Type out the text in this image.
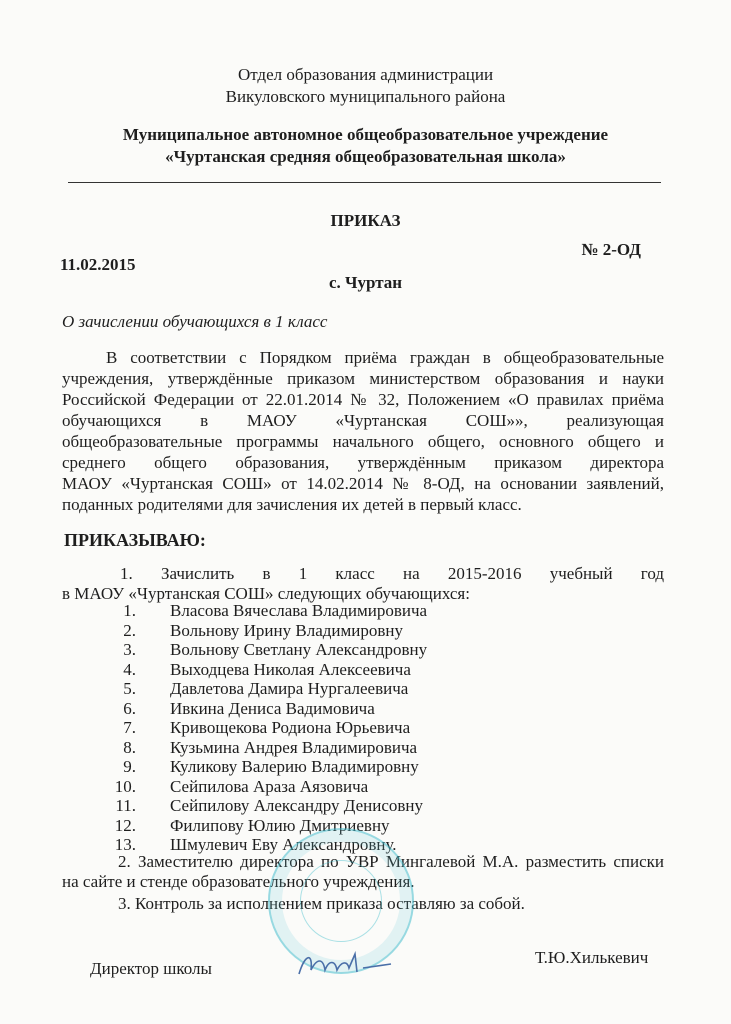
Отдел образования администрации
Викуловского муниципального района
Муниципальное автономное общеобразовательное учреждение
«Чуртанская средняя общеобразовательная школа»
ПРИКАЗ
№ 2-ОД
11.02.2015
с. Чуртан
О зачислении обучающихся в 1 класс
В соответствии с Порядком приёма граждан в общеобразовательные
учреждения, утверждённые приказом министерством образования и науки
Российской Федерации от 22.01.2014 № 32, Положением «О правилах приёма
обучающихся в МАОУ «Чуртанская СОШ»», реализующая
общеобразовательные программы начального общего, основного общего и
среднего общего образования, утверждённым приказом директора
МАОУ «Чуртанская СОШ» от 14.02.2014 № 8-ОД, на основании заявлений,
поданных родителями для зачисления их детей в первый класс.
ПРИКАЗЫВАЮ:
1. Зачислить в 1 класс на 2015-2016 учебный год
в МАОУ «Чуртанская СОШ» следующих обучающихся:
1. Власова Вячеслава Владимировича
2. Вольнову Ирину Владимировну
3. Вольнову Светлану Александровну
4. Выходцева Николая Алексеевича
5. Давлетова Дамира Нургалеевича
6. Ивкина Дениса Вадимовича
7. Кривощекова Родиона Юрьевича
8. Кузьмина Андрея Владимировича
9. Куликову Валерию Владимировну
10. Сейпилова Араза Аязовича
11. Сейпилову Александру Денисовну
12. Филипову Юлию Дмитриевну
13. Шмулевич Еву Александровну.
2. Заместителю директора по УВР Мингалевой М.А. разместить списки
на сайте и стенде образовательного учреждения.
3. Контроль за исполнением приказа оставляю за собой.
Директор школы
Т.Ю.Хилькевич
